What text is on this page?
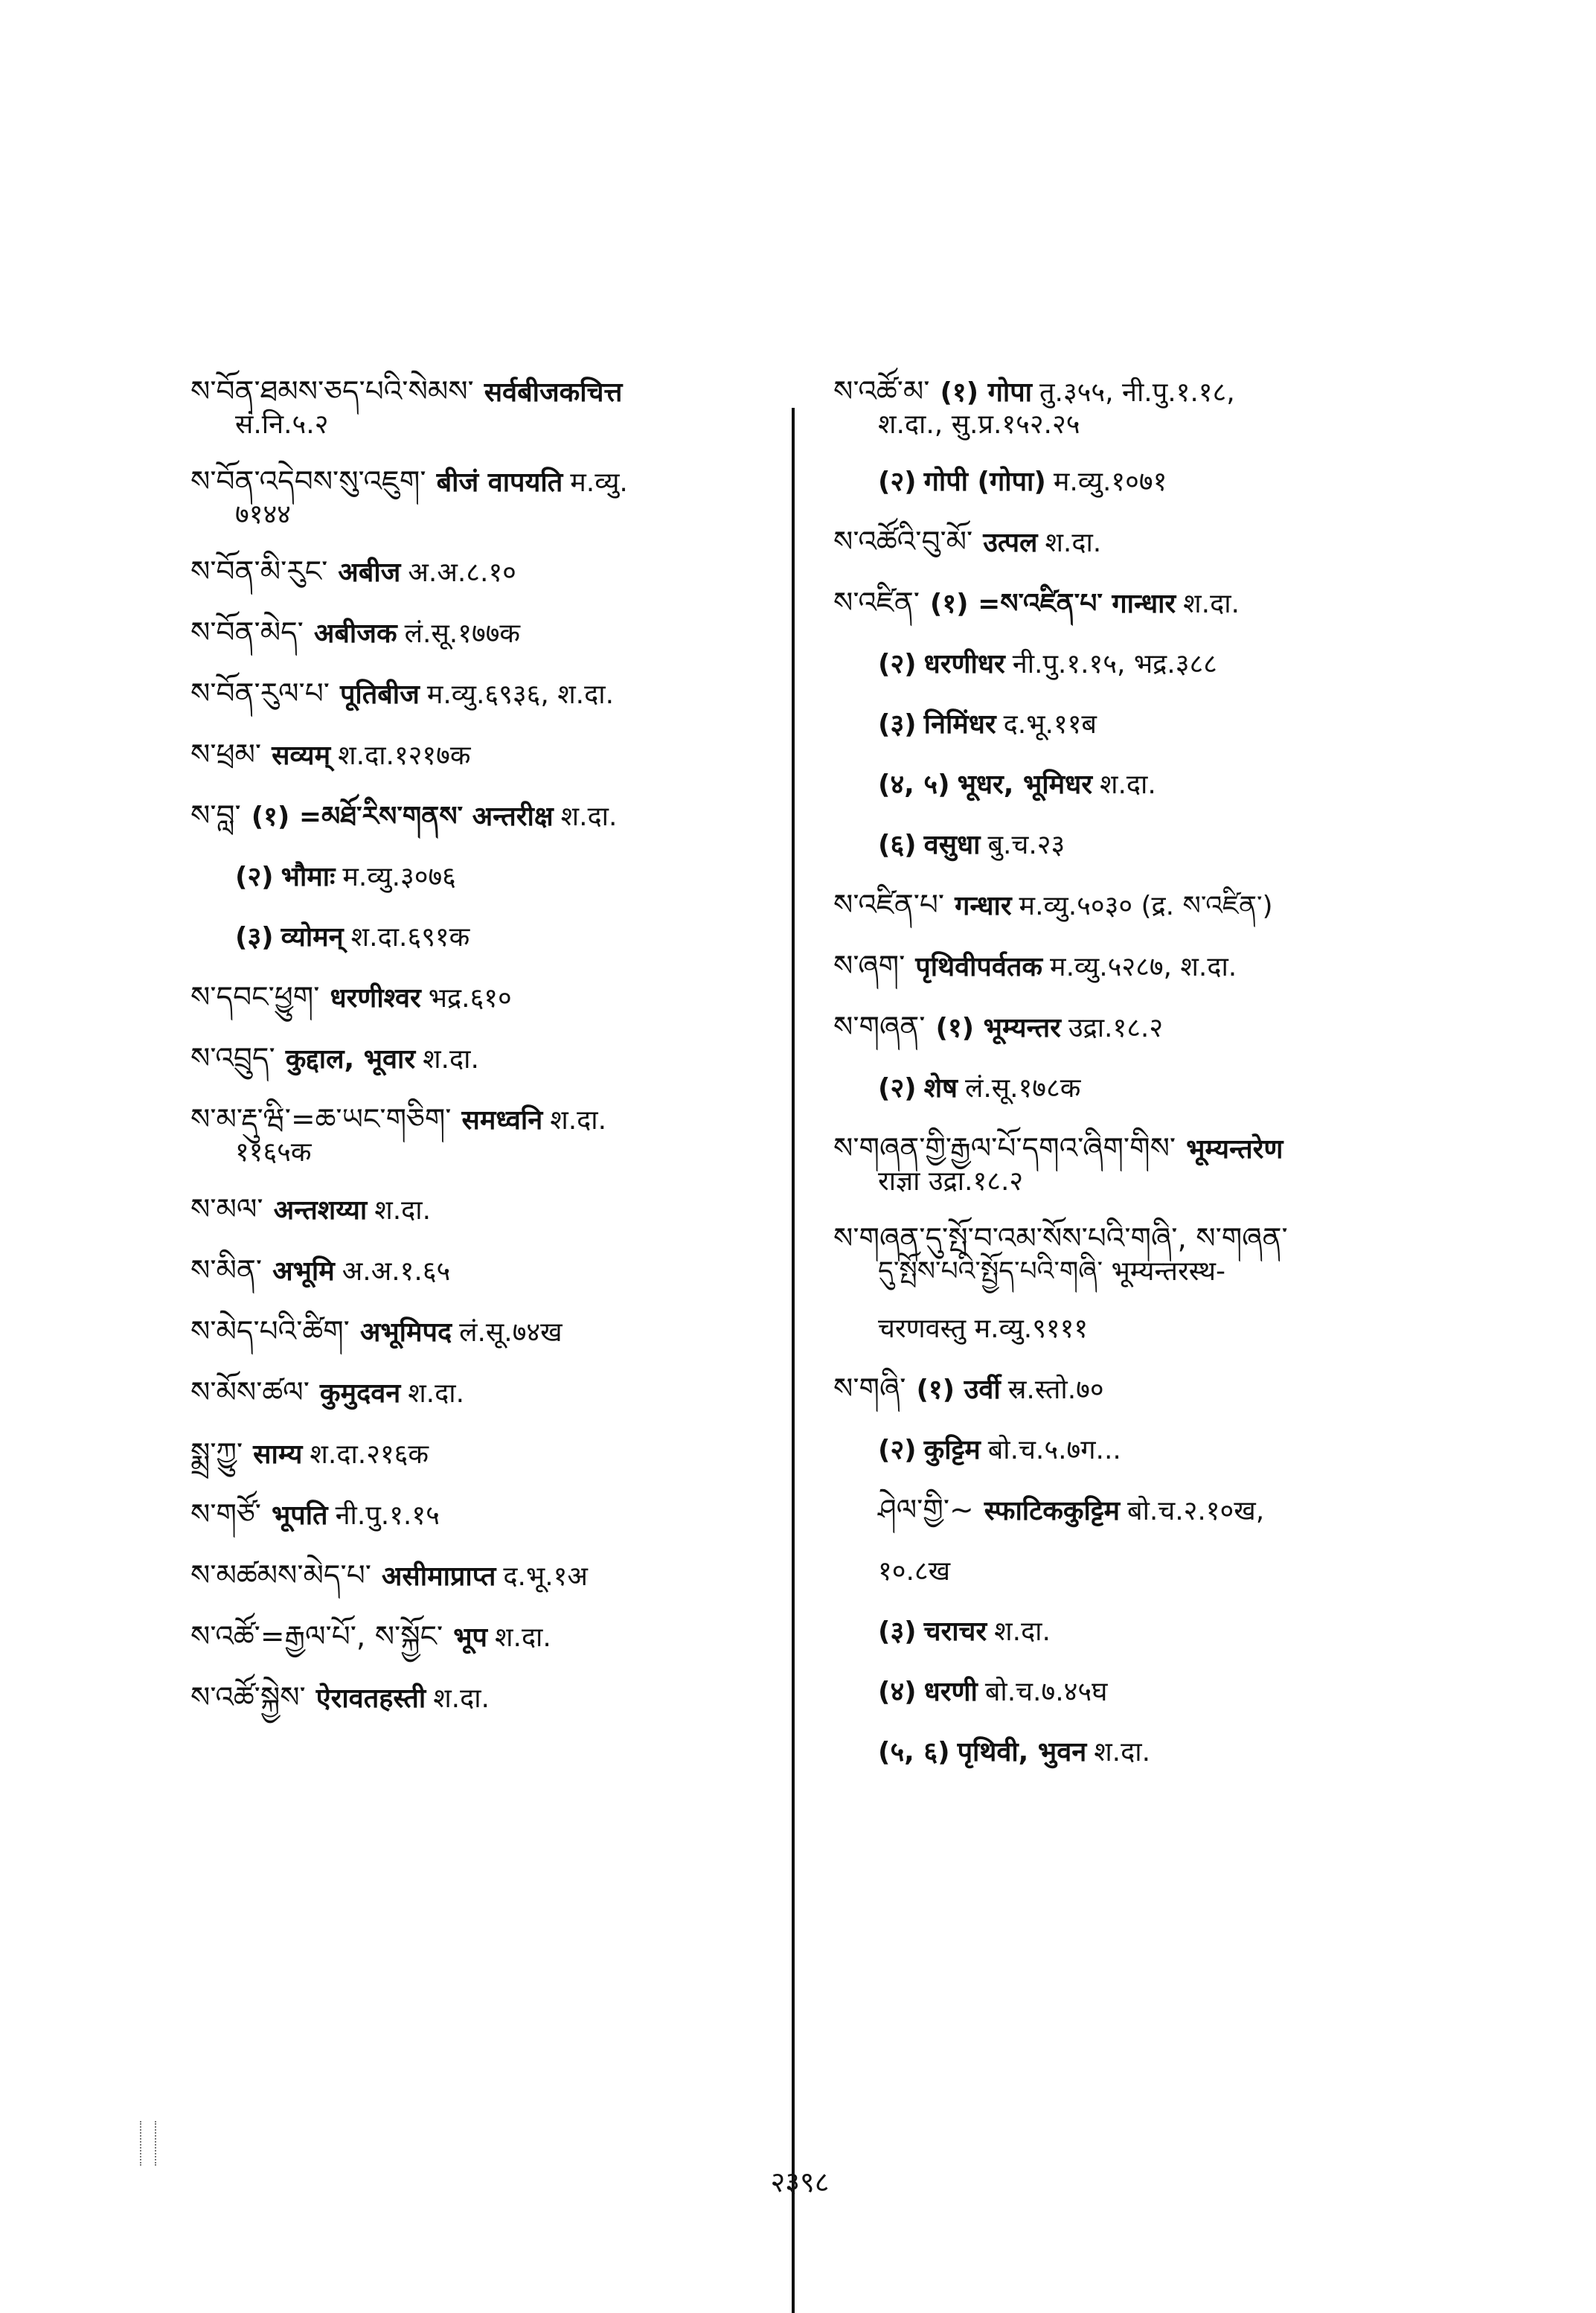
ས་བོན་ཐམས་ཅད་པའི་སེམས་ सर्वबीजकचित्त
सं.नि.५.२
ས་བོན་འདེབས་སུ་འཇུག་ बीजं वापयति म.व्यु.
७१४४
ས་བོན་མི་རུང་ अबीज अ.अ.८.१०
ས་བོན་མེད་ अबीजक लं.सू.१७७क
ས་བོན་རུལ་པ་ पूतिबीज म.व्यु.६९३६, श.दा.
ས་ཕྲམ་ सव्यम् श.दा.१२१७क
ས་བླ་ (१) =མཐོ་རིས་གནས་ अन्तरीक्ष श.दा.
(२) भौमाः म.व्यु.३०७६
(३) व्योमन् श.दा.६९१क
ས་དབང་ཕྱུག་ धरणीश्वर भद्र.६१०
ས་འབྲུད་ कुद्दाल, भूवार श.दा.
ས་མ་རྡུ་ཝི་=ཆ་ཡང་གཅིག་ समध्वनि श.दा.
११६५क
ས་མལ་ अन्तशय्या श.दा.
ས་མིན་ अभूमि अ.अ.१.६५
ས་མེད་པའི་ཚིག་ अभूमिपद लं.सू.७४ख
ས་མོས་ཚལ་ कुमुदवन श.दा.
སྨྲ་ཀྱུ་ साम्य श.दा.२१६क
ས་གཙོ་ भूपति नी.पु.१.१५
ས་མཚམས་མེད་པ་ असीमाप्राप्त द.भू.१अ
ས་འཚོ་=རྒྱལ་པོ་, ས་སྐྱོང་ भूप श.दा.
ས་འཚོ་སྐྱེས་ ऐरावतहस्ती श.दा.
ས་འཚོ་མ་ (१) गोपा तु.३५५, नी.पु.१.१८,
श.दा., सु.प्र.१५२.२५
(२) गोपी (गोपा) म.व्यु.१०७१
ས་འཚོའི་བུ་མོ་ उत्पल श.दा.
ས་འཛིན་ (१) =ས་འཛིན་པ་ गान्धार श.दा.
(२) धरणीधर नी.पु.१.१५, भद्र.३८८
(३) निमिंधर द.भू.११ब
(४, ५) भूधर, भूमिधर श.दा.
(६) वसुधा बु.च.२३
ས་འཛིན་པ་ गन्धार म.व्यु.५०३० (द्र. ས་འཛིན་)
ས་ཞག་ पृथिवीपर्वतक म.व्यु.५२८७, श.दा.
ས་གཞན་ (१) भूम्यन्तर उद्रा.१८.२
(२) शेष लं.सू.१७८क
ས་གཞན་གྱི་རྒྱལ་པོ་དགའ་ཞིག་གིས་ भूम्यन्तरेण
राज्ञा उद्रा.१८.२
ས་གཞན་དུ་སྤོ་བ་འམ་སོས་པའི་གཞི་, ས་གཞན་
དུ་སྤོས་པའི་སྤྱོད་པའི་གཞི་ भूम्यन्तरस्थ-
चरणवस्तु म.व्यु.९१११
ས་གཞི་ (१) उर्वी स्र.स्तो.७०
(२) कुट्टिम बो.च.५.७ग...
ཤེལ་གྱི་~ स्फाटिककुट्टिम बो.च.२.१०ख,
१०.८ख
(३) चराचर श.दा.
(४) धरणी बो.च.७.४५घ
(५, ६) पृथिवी, भुवन श.दा.
२३९८
